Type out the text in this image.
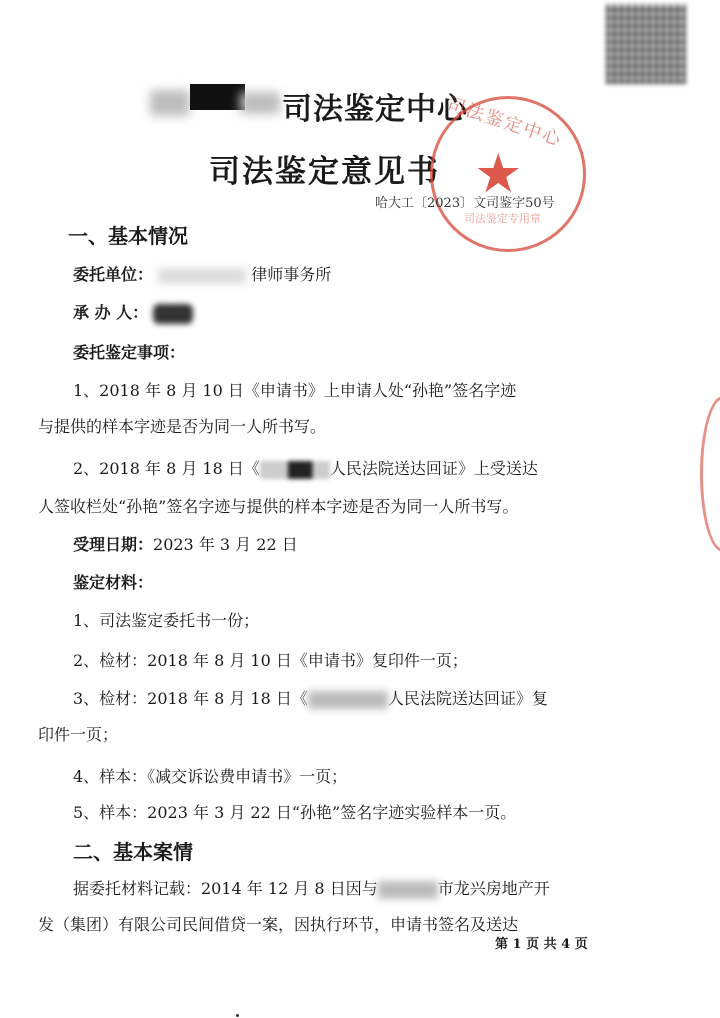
司法鉴定中心
司法鉴定意见书
司法鉴定中心
★
司法鉴定专用章
哈大工〔2023〕文司鉴字50号
一、基本情况
委托单位：	律师事务所
承 办 人：
委托鉴定事项：
1、2018 年 8 月 10 日《申请书》上申请人处“孙艳”签名字迹
与提供的样本字迹是否为同一人所书写。
2、2018 年 8 月 18 日《	人民法院送达回证》上受送达
人签收栏处“孙艳”签名字迹与提供的样本字迹是否为同一人所书写。
受理日期：2023 年 3 月 22 日
鉴定材料：
1、司法鉴定委托书一份；
2、检材：2018 年 8 月 10 日《申请书》复印件一页；
3、检材：2018 年 8 月 18 日《	人民法院送达回证》复
印件一页；
4、样本：《减交诉讼费申请书》一页；
5、样本：2023 年 3 月 22 日“孙艳”签名字迹实验样本一页。
二、基本案情
据委托材料记载：2014 年 12 月 8 日因与	市龙兴房地产开
发（集团）有限公司民间借贷一案，因执行环节，申请书签名及送达
第 1 页 共 4 页
